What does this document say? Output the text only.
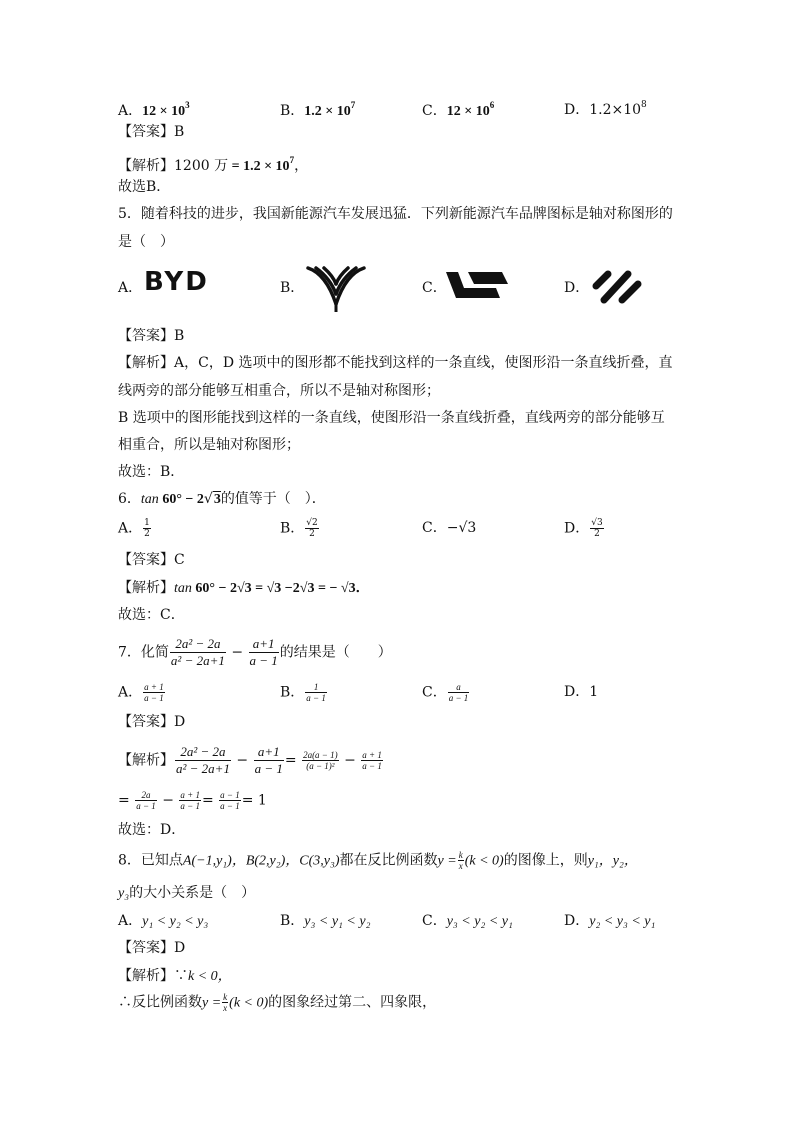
A．$12 \times 10^3$	B．$1.2 \times 10^7$	C．$12 \times 10^6$	D．$1.2\times 10^8$
【答案】B
【解析】1200 万 = $1.2 \times 10^7$，
故选B．
5．随着科技的进步，我国新能源汽车发展迅猛．下列新能源汽车品牌图标是轴对称图形的
是（　）
A． BYD	B．	C．	D．
【答案】B
【解析】A，C，D 选项中的图形都不能找到这样的一条直线，使图形沿一条直线折叠，直
线两旁的部分能够互相重合，所以不是轴对称图形；
B 选项中的图形能找到这样的一条直线，使图形沿一条直线折叠，直线两旁的部分能够互
相重合，所以是轴对称图形；
故选：B．
6．tan 60° − 2√3的值等于（　）．
A． $\frac{1}{2}$	B． $\frac{√2}{2}$	C．−√3	D． $\frac{√3}{2}$
【答案】C
【解析】tan 60° − 2√3 = √3 −2√3 = − √3．
故选：C．
7．化简 $\frac{\text{2a² − 2a}}{\text{a² − 2a+1}} - \frac{a+1}{a - 1}$ 的结果是（　　）
A． $\frac{a + 1}{a - 1}$	B． $\frac{1}{a - 1}$	C． $\frac{a}{a - 1}$	D．1
【答案】D
【解析】 $\frac{\text{2a² − 2a}}{\text{a² − 2a+1}} - \frac{a+1}{a - 1} = \frac{2a(a - 1)}{\text{(a − 1)²}} - \frac{a + 1}{a - 1}$
= $\frac{2a}{a - 1} - \frac{a + 1}{a - 1} = \frac{a - 1}{a - 1} = 1$
故选：D．
8．已知点A(−1,y₁)，B(2,y₂)，C(3,y₃)都在反比例函数$y = \frac{k}{x} (k < 0)$的图像上，则y₁，y₂，
y₃的大小关系是（　）
A．y₁ < y₂ < y₃	B．y₃ < y₁ < y₂	C．y₃ < y₂ < y₁	D．y₂ < y₃ < y₁
【答案】D
【解析】∵k < 0，
∴反比例函数$y = \frac{k}{x} (k < 0)$的图象经过第二、四象限，
